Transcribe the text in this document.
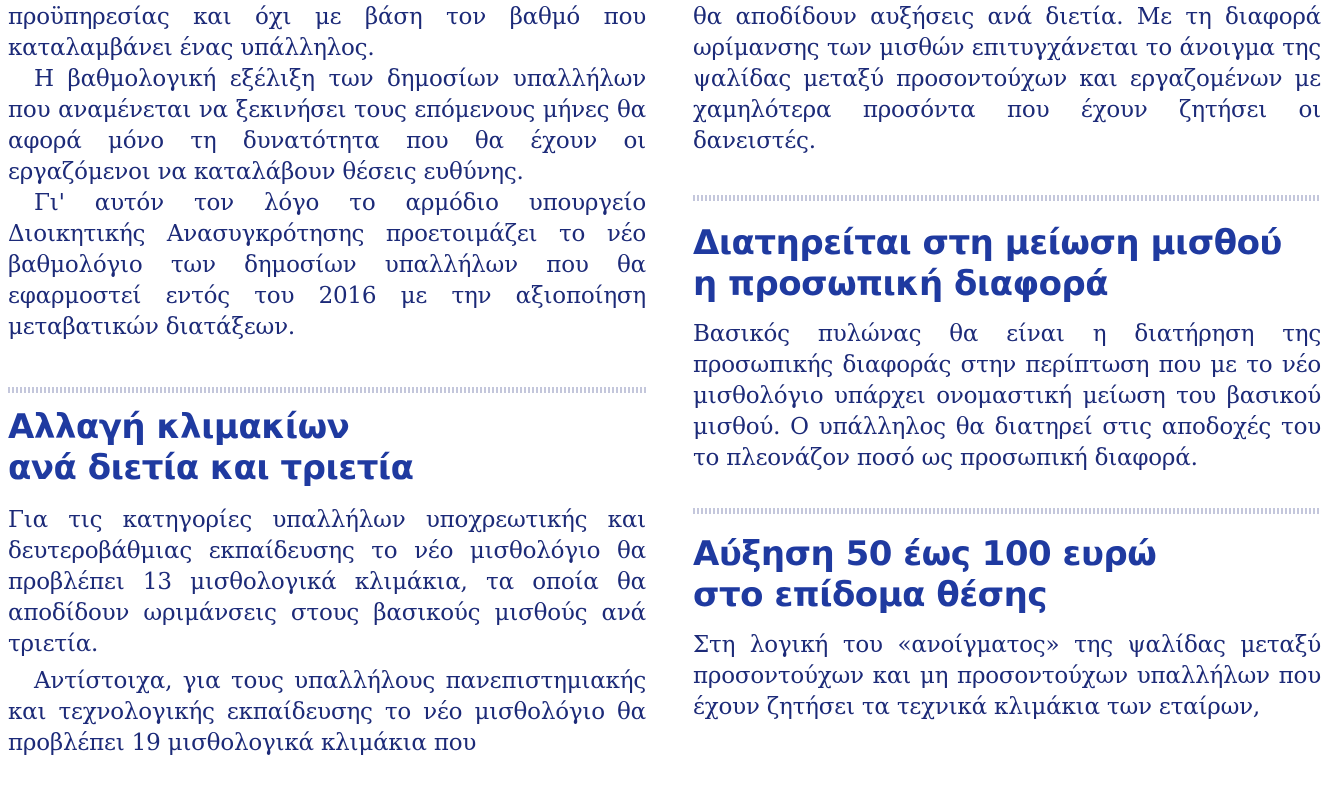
προϋπηρεσίας και όχι με βάση τον βαθμό που καταλαμβάνει ένας υπάλληλος.

Η βαθμολογική εξέλιξη των δημοσίων υπαλλήλων που αναμένεται να ξεκινήσει τους επόμενους μήνες θα αφορά μόνο τη δυνατότητα που θα έχουν οι εργαζόμενοι να καταλάβουν θέσεις ευθύνης.

Γι' αυτόν τον λόγο το αρμόδιο υπουργείο Διοικητικής Ανασυγκρότησης προετοιμάζει το νέο βαθμολόγιο των δημοσίων υπαλλήλων που θα εφαρμοστεί εντός του 2016 με την αξιοποίηση μεταβατικών διατάξεων.

Αλλαγή κλιμακίων
ανά διετία και τριετία

Για τις κατηγορίες υπαλλήλων υποχρεωτικής και δευτεροβάθμιας εκπαίδευσης το νέο μισθολόγιο θα προβλέπει 13 μισθολογικά κλιμάκια, τα οποία θα αποδίδουν ωριμάνσεις στους βασικούς μισθούς ανά τριετία.

Αντίστοιχα, για τους υπαλλήλους πανεπιστημιακής και τεχνολογικής εκπαίδευσης το νέο μισθολόγιο θα προβλέπει 19 μισθολογικά κλιμάκια που

θα αποδίδουν αυξήσεις ανά διετία. Με τη διαφορά ωρίμανσης των μισθών επιτυγχάνεται το άνοιγμα της ψαλίδας μεταξύ προσοντούχων και εργαζομένων με χαμηλότερα προσόντα που έχουν ζητήσει οι δανειστές.

Διατηρείται στη μείωση μισθού
η προσωπική διαφορά

Βασικός πυλώνας θα είναι η διατήρηση της προσωπικής διαφοράς στην περίπτωση που με το νέο μισθολόγιο υπάρχει ονομαστική μείωση του βασικού μισθού. Ο υπάλληλος θα διατηρεί στις αποδοχές του το πλεονάζον ποσό ως προσωπική διαφορά.

Αύξηση 50 έως 100 ευρώ
στο επίδομα θέσης

Στη λογική του «ανοίγματος» της ψαλίδας μεταξύ προσοντούχων και μη προσοντούχων υπαλλήλων που έχουν ζητήσει τα τεχνικά κλιμάκια των εταίρων,
